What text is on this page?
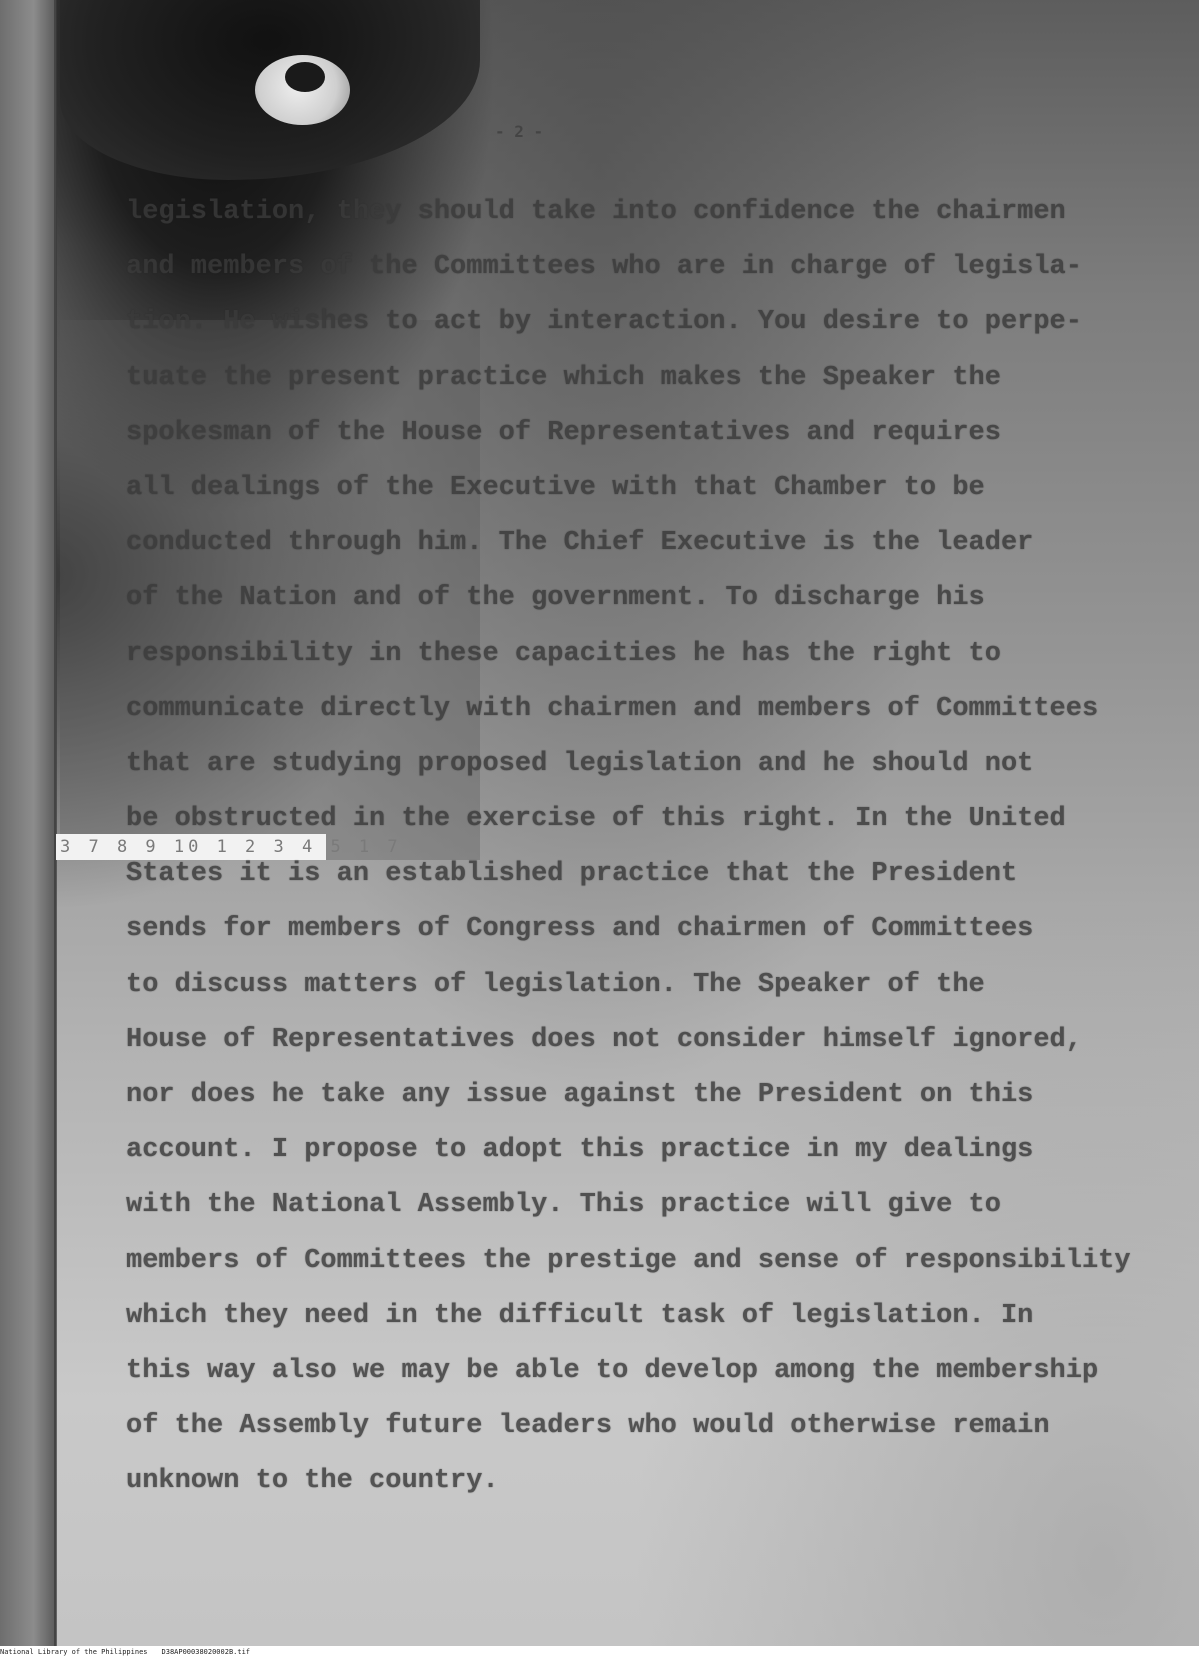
- 2 -
3 7 8 9 10 1 2 3 4 5 1 7
legislation, they should take into confidence the chairmen
and members of the Committees who are in charge of legisla-
tion. He wishes to act by interaction. You desire to perpe-
tuate the present practice which makes the Speaker the
spokesman of the House of Representatives and requires
all dealings of the Executive with that Chamber to be
conducted through him. The Chief Executive is the leader
of the Nation and of the government. To discharge his
responsibility in these capacities he has the right to
communicate directly with chairmen and members of Committees
that are studying proposed legislation and he should not
be obstructed in the exercise of this right. In the United
States it is an established practice that the President
sends for members of Congress and chairmen of Committees
to discuss matters of legislation. The Speaker of the
House of Representatives does not consider himself ignored,
nor does he take any issue against the President on this
account. I propose to adopt this practice in my dealings
with the National Assembly. This practice will give to
members of Committees the prestige and sense of responsibility
which they need in the difficult task of legislation. In
this way also we may be able to develop among the membership
of the Assembly future leaders who would otherwise remain
unknown to the country.
National Library of the Philippines D38AP00038020002B.tif
